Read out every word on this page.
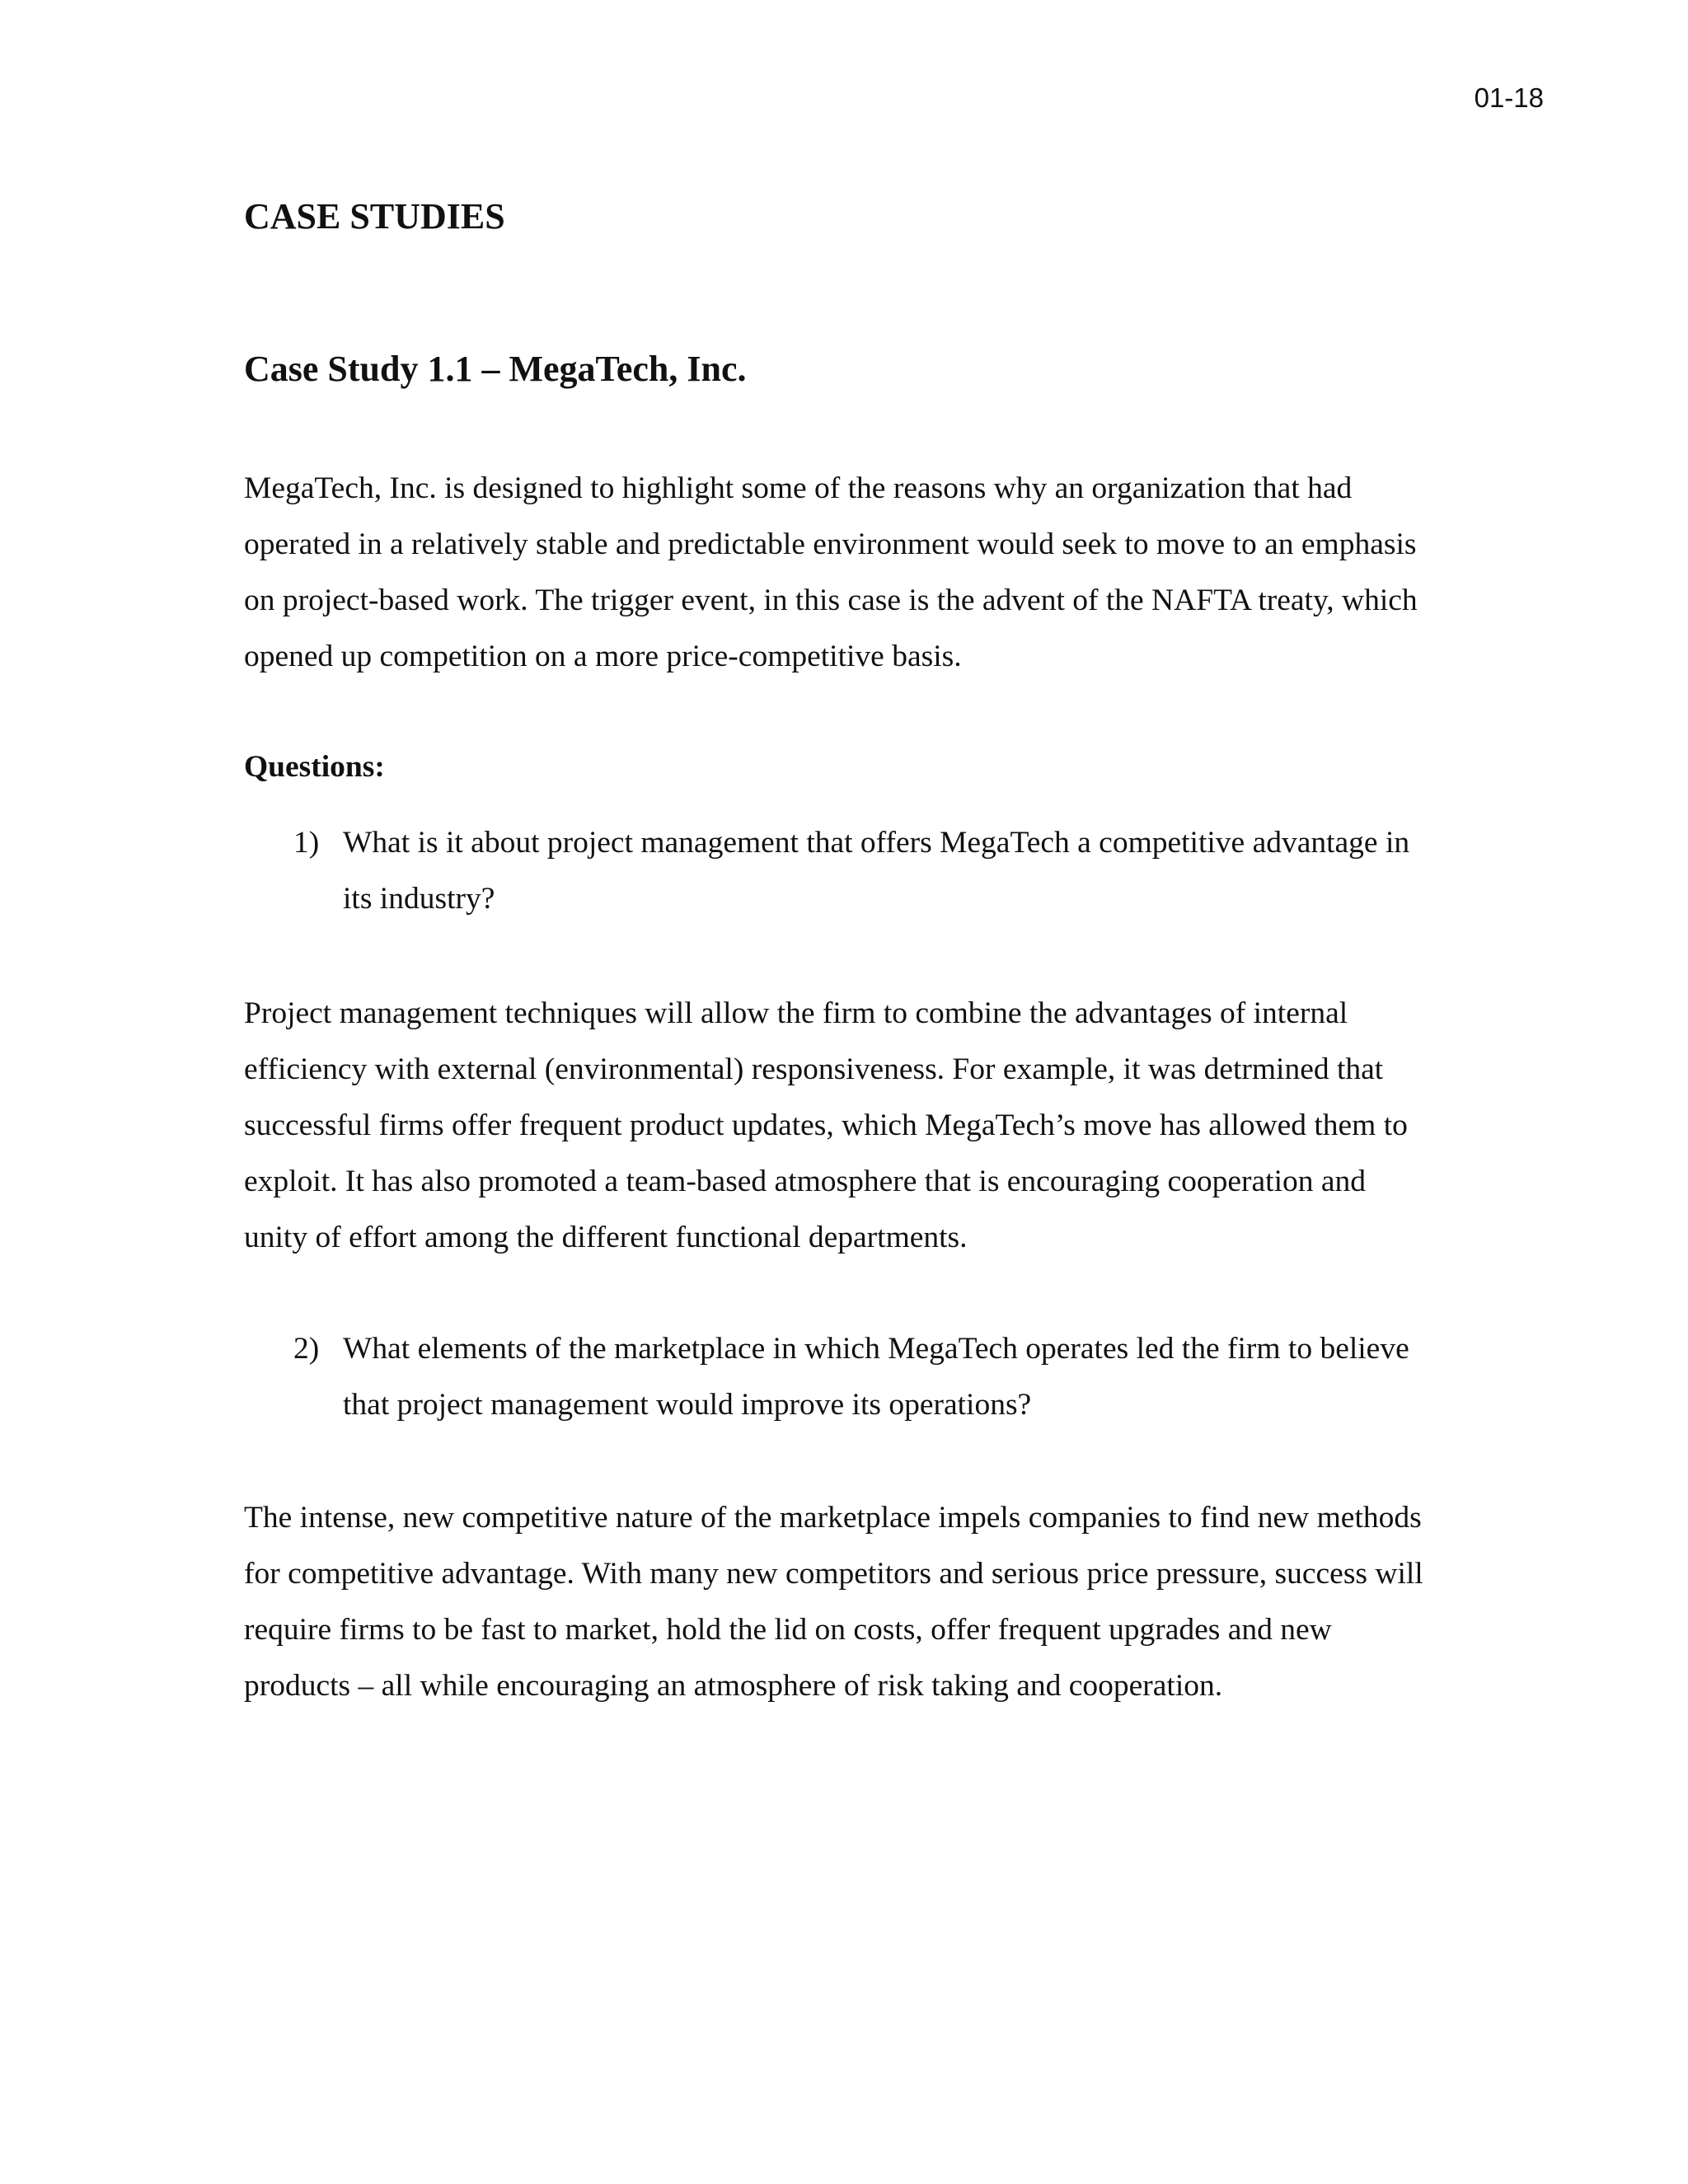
01-18
CASE STUDIES
Case Study 1.1 – MegaTech, Inc.

MegaTech, Inc. is designed to highlight some of the reasons why an organization that had operated in a relatively stable and predictable environment would seek to move to an emphasis on project-based work. The trigger event, in this case is the advent of the NAFTA treaty, which opened up competition on a more price-competitive basis.

Questions:
1) What is it about project management that offers MegaTech a competitive advantage in its industry?

Project management techniques will allow the firm to combine the advantages of internal efficiency with external (environmental) responsiveness. For example, it was detrmined that successful firms offer frequent product updates, which MegaTech’s move has allowed them to exploit. It has also promoted a team-based atmosphere that is encouraging cooperation and unity of effort among the different functional departments.

2) What elements of the marketplace in which MegaTech operates led the firm to believe that project management would improve its operations?

The intense, new competitive nature of the marketplace impels companies to find new methods for competitive advantage. With many new competitors and serious price pressure, success will require firms to be fast to market, hold the lid on costs, offer frequent upgrades and new products – all while encouraging an atmosphere of risk taking and cooperation.
